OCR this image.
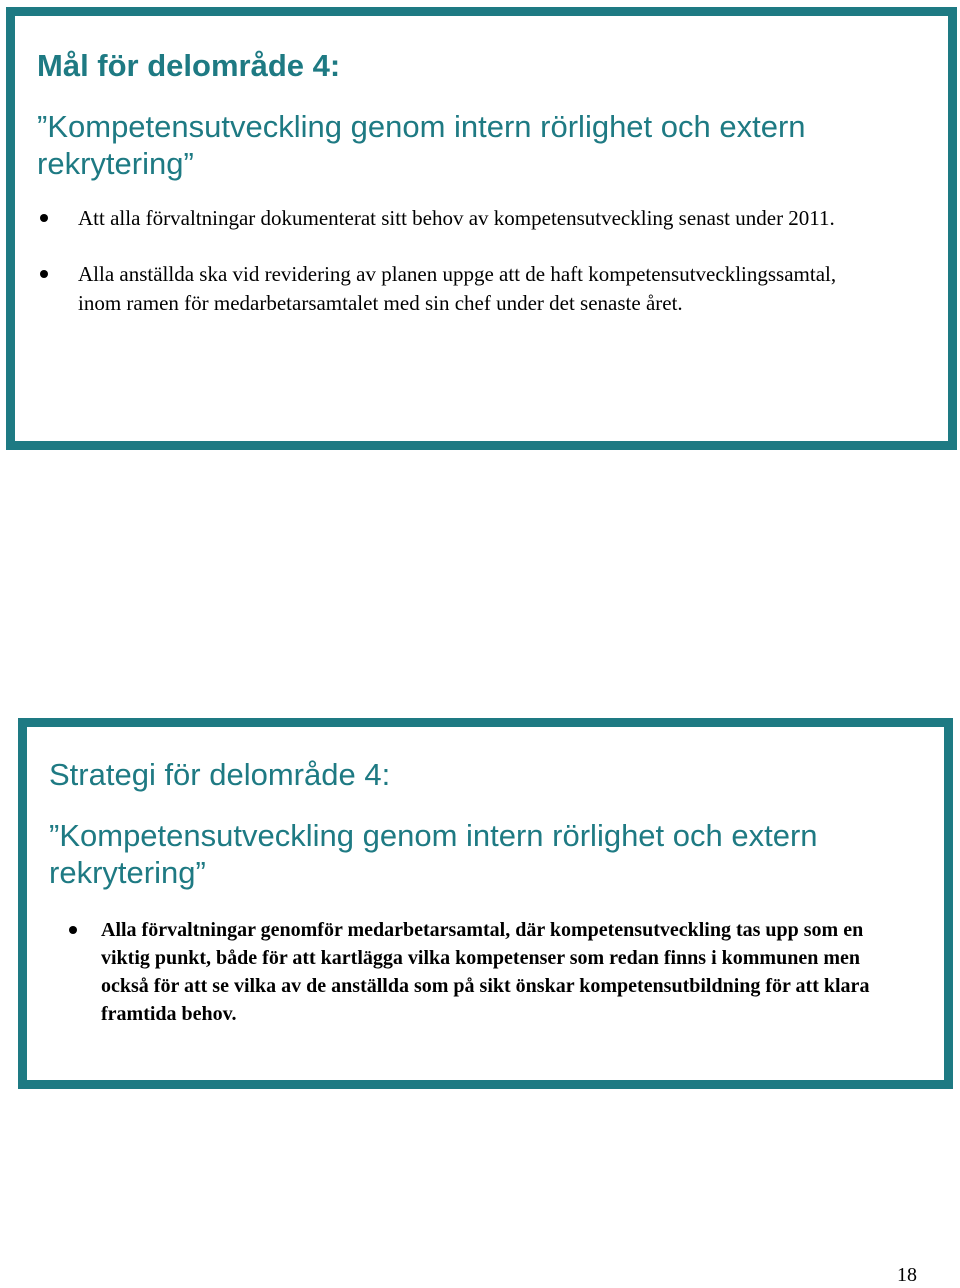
Mål för delområde 4:
”Kompetensutveckling genom intern rörlighet och extern rekrytering”
Att alla förvaltningar dokumenterat sitt behov av kompetensutveckling senast under 2011.
Alla anställda ska vid revidering av planen uppge att de haft kompetensutvecklingssamtal, inom ramen för medarbetarsamtalet med sin chef under det senaste året.
Strategi för delområde 4:
”Kompetensutveckling genom intern rörlighet och extern rekrytering”
Alla förvaltningar genomför medarbetarsamtal, där kompetensutveckling tas upp som en viktig punkt, både för att kartlägga vilka kompetenser som redan finns i kommunen men också för att se vilka av de anställda som på sikt önskar kompetensutbildning för att klara framtida behov.
18
